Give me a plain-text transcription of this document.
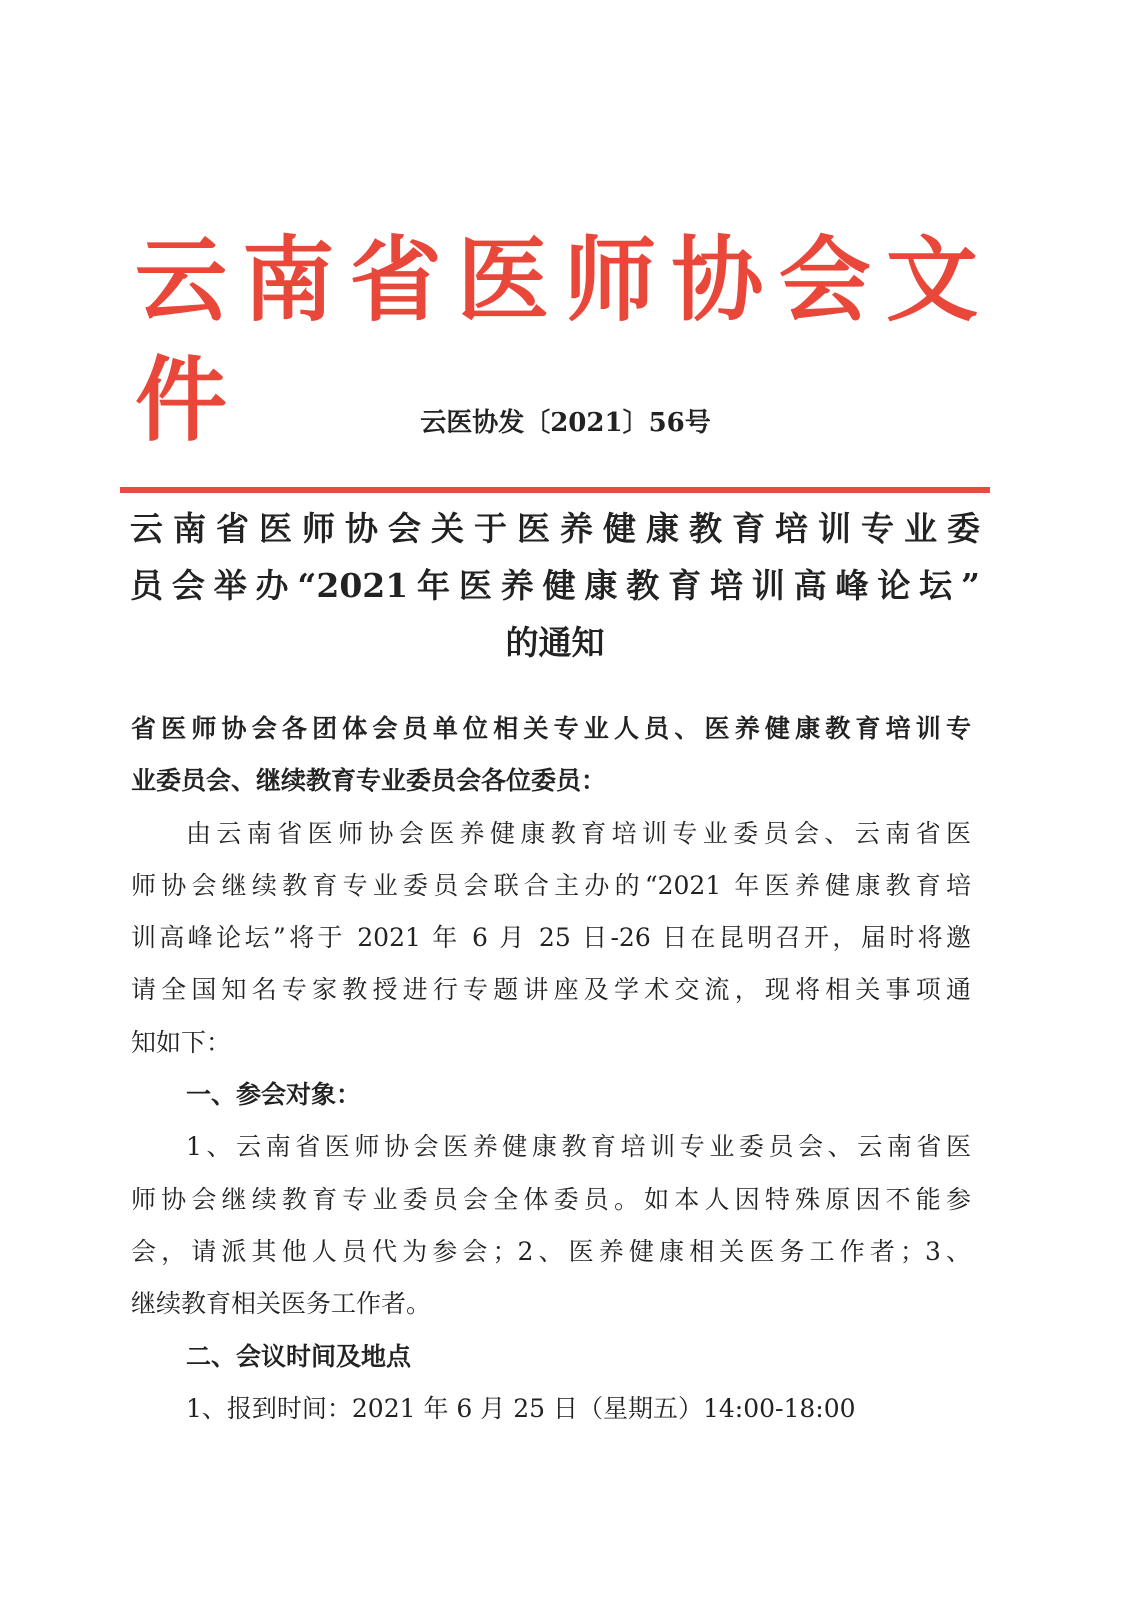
云南省医师协会文件	云医协发〔2021〕56号
云南省医师协会关于医养健康教育培训专业委
员会举办“2021年医养健康教育培训高峰论坛”
的通知
省医师协会各团体会员单位相关专业人员、医养健康教育培训专
业委员会、继续教育专业委员会各位委员：
由云南省医师协会医养健康教育培训专业委员会、云南省医
师协会继续教育专业委员会联合主办的“2021 年医养健康教育培
训高峰论坛”将于 2021 年 6 月 25 日-26 日在昆明召开，届时将邀
请全国知名专家教授进行专题讲座及学术交流，现将相关事项通
知如下：
一、参会对象：
1、云南省医师协会医养健康教育培训专业委员会、云南省医
师协会继续教育专业委员会全体委员。如本人因特殊原因不能参
会，请派其他人员代为参会；2、医养健康相关医务工作者；3、
继续教育相关医务工作者。
二、会议时间及地点
1、报到时间：2021 年 6 月 25 日（星期五）14:00-18:00
